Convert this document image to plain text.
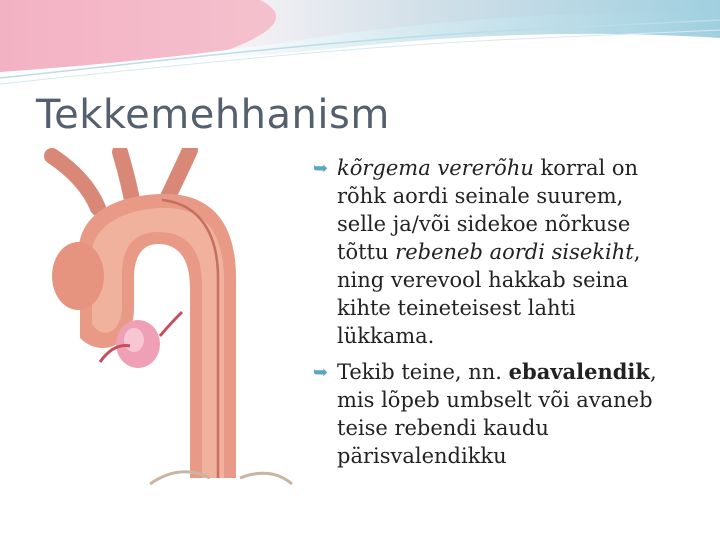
Tekkemehhanism
➥ kõrgema vererõhu korral on
rõhk aordi seinale suurem,
selle ja/või sidekoe nõrkuse
tõttu rebeneb aordi sisekiht,
ning verevool hakkab seina
kihte teineteisest lahti
lükkama.
➥ Tekib teine, nn. ebavalendik,
mis lõpeb umbselt või avaneb
teise rebendi kaudu
pärisvalendikku
